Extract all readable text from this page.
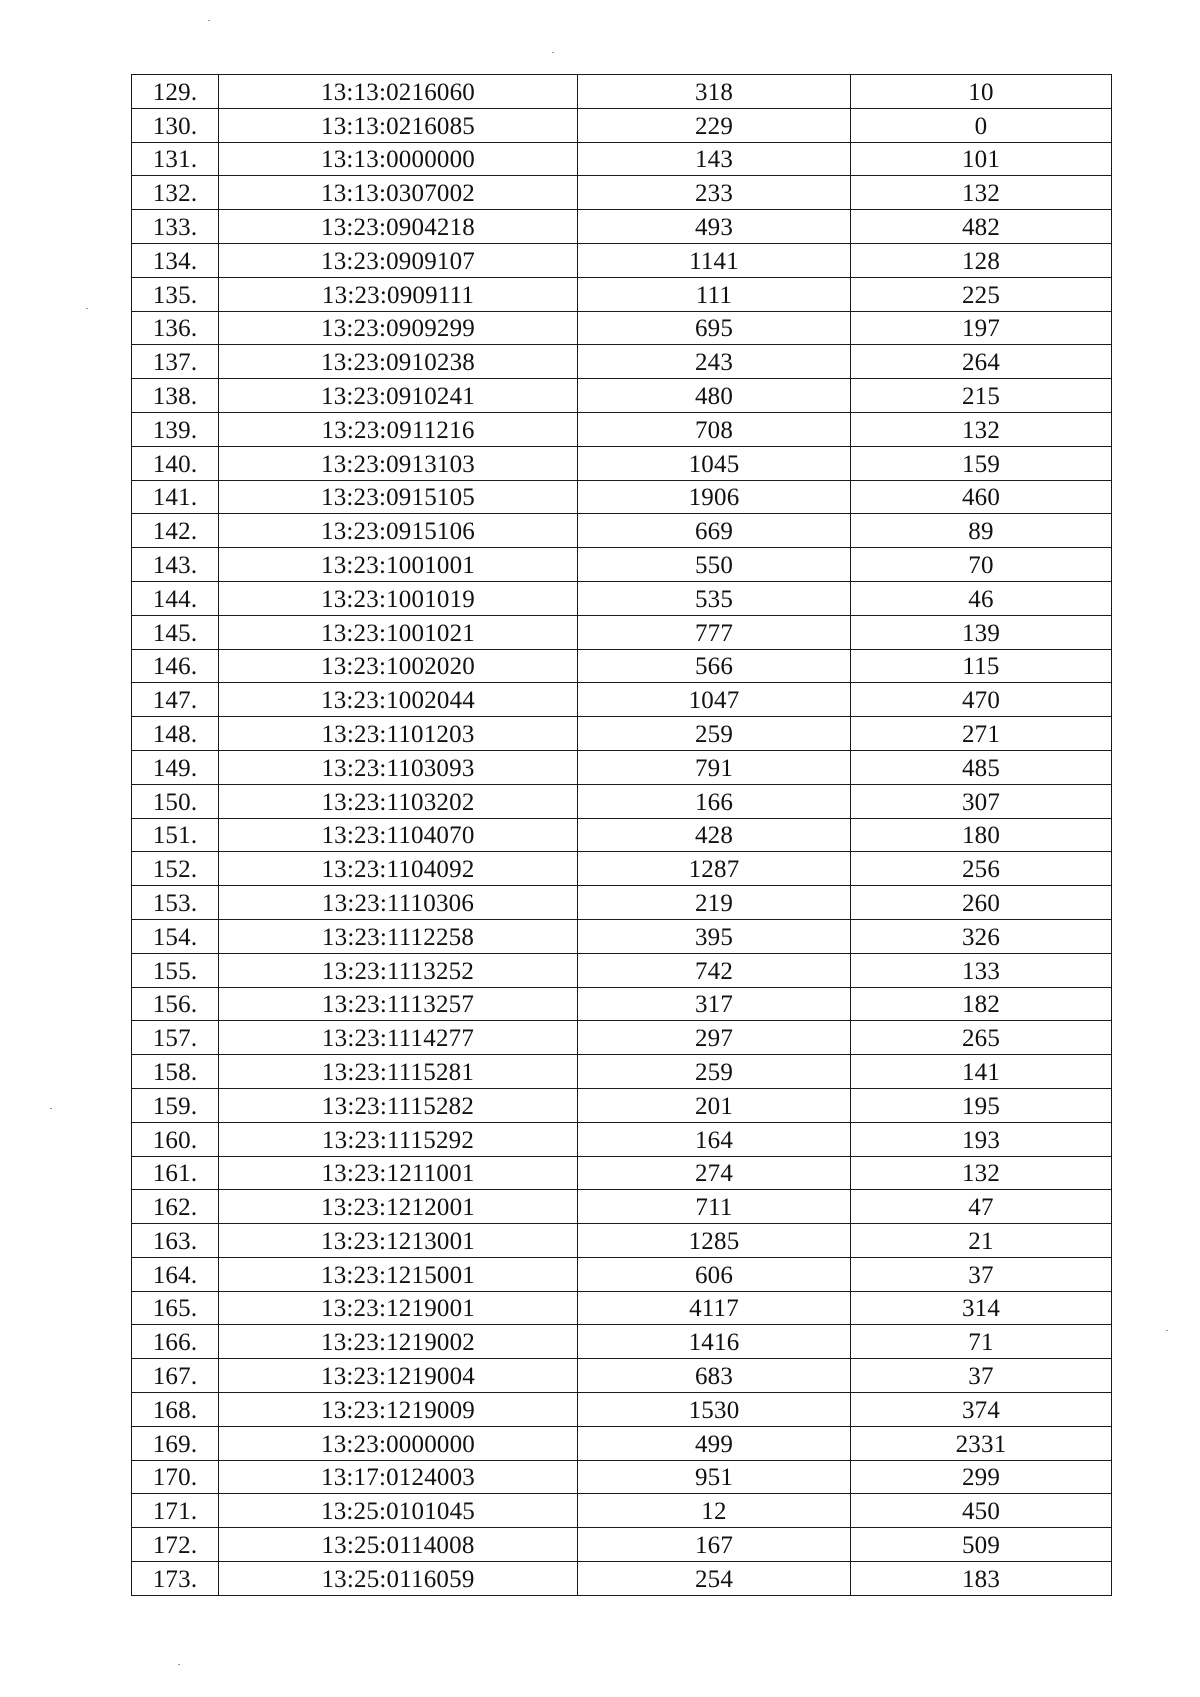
129.	13:13:0216060	318	10
130.	13:13:0216085	229	0
131.	13:13:0000000	143	101
132.	13:13:0307002	233	132
133.	13:23:0904218	493	482
134.	13:23:0909107	1141	128
135.	13:23:0909111	111	225
136.	13:23:0909299	695	197
137.	13:23:0910238	243	264
138.	13:23:0910241	480	215
139.	13:23:0911216	708	132
140.	13:23:0913103	1045	159
141.	13:23:0915105	1906	460
142.	13:23:0915106	669	89
143.	13:23:1001001	550	70
144.	13:23:1001019	535	46
145.	13:23:1001021	777	139
146.	13:23:1002020	566	115
147.	13:23:1002044	1047	470
148.	13:23:1101203	259	271
149.	13:23:1103093	791	485
150.	13:23:1103202	166	307
151.	13:23:1104070	428	180
152.	13:23:1104092	1287	256
153.	13:23:1110306	219	260
154.	13:23:1112258	395	326
155.	13:23:1113252	742	133
156.	13:23:1113257	317	182
157.	13:23:1114277	297	265
158.	13:23:1115281	259	141
159.	13:23:1115282	201	195
160.	13:23:1115292	164	193
161.	13:23:1211001	274	132
162.	13:23:1212001	711	47
163.	13:23:1213001	1285	21
164.	13:23:1215001	606	37
165.	13:23:1219001	4117	314
166.	13:23:1219002	1416	71
167.	13:23:1219004	683	37
168.	13:23:1219009	1530	374
169.	13:23:0000000	499	2331
170.	13:17:0124003	951	299
171.	13:25:0101045	12	450
172.	13:25:0114008	167	509
173.	13:25:0116059	254	183
